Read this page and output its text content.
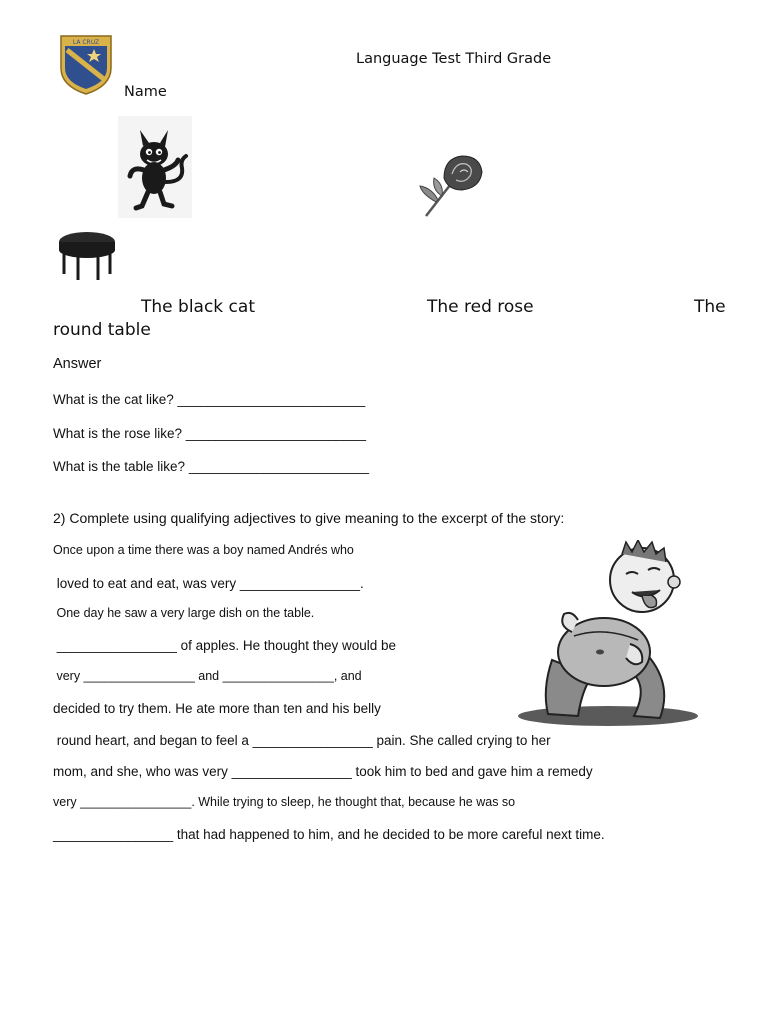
LA CRUZ
Language Test Third Grade
Name
The black cat	The red rose	The
round table
Answer
What is the cat like? _________________________
What is the rose like? ________________________
What is the table like? ________________________
2) Complete using qualifying adjectives to give meaning to the excerpt of the story:
Once upon a time there was a boy named Andrés who
loved to eat and eat, was very ________________.
One day he saw a very large dish on the table.
________________ of apples. He thought they would be
very ________________ and ________________, and
decided to try them. He ate more than ten and his belly
round heart, and began to feel a ________________ pain. She called crying to her
mom, and she, who was very ________________ took him to bed and gave him a remedy
very ________________. While trying to sleep, he thought that, because he was so
________________ that had happened to him, and he decided to be more careful next time.
